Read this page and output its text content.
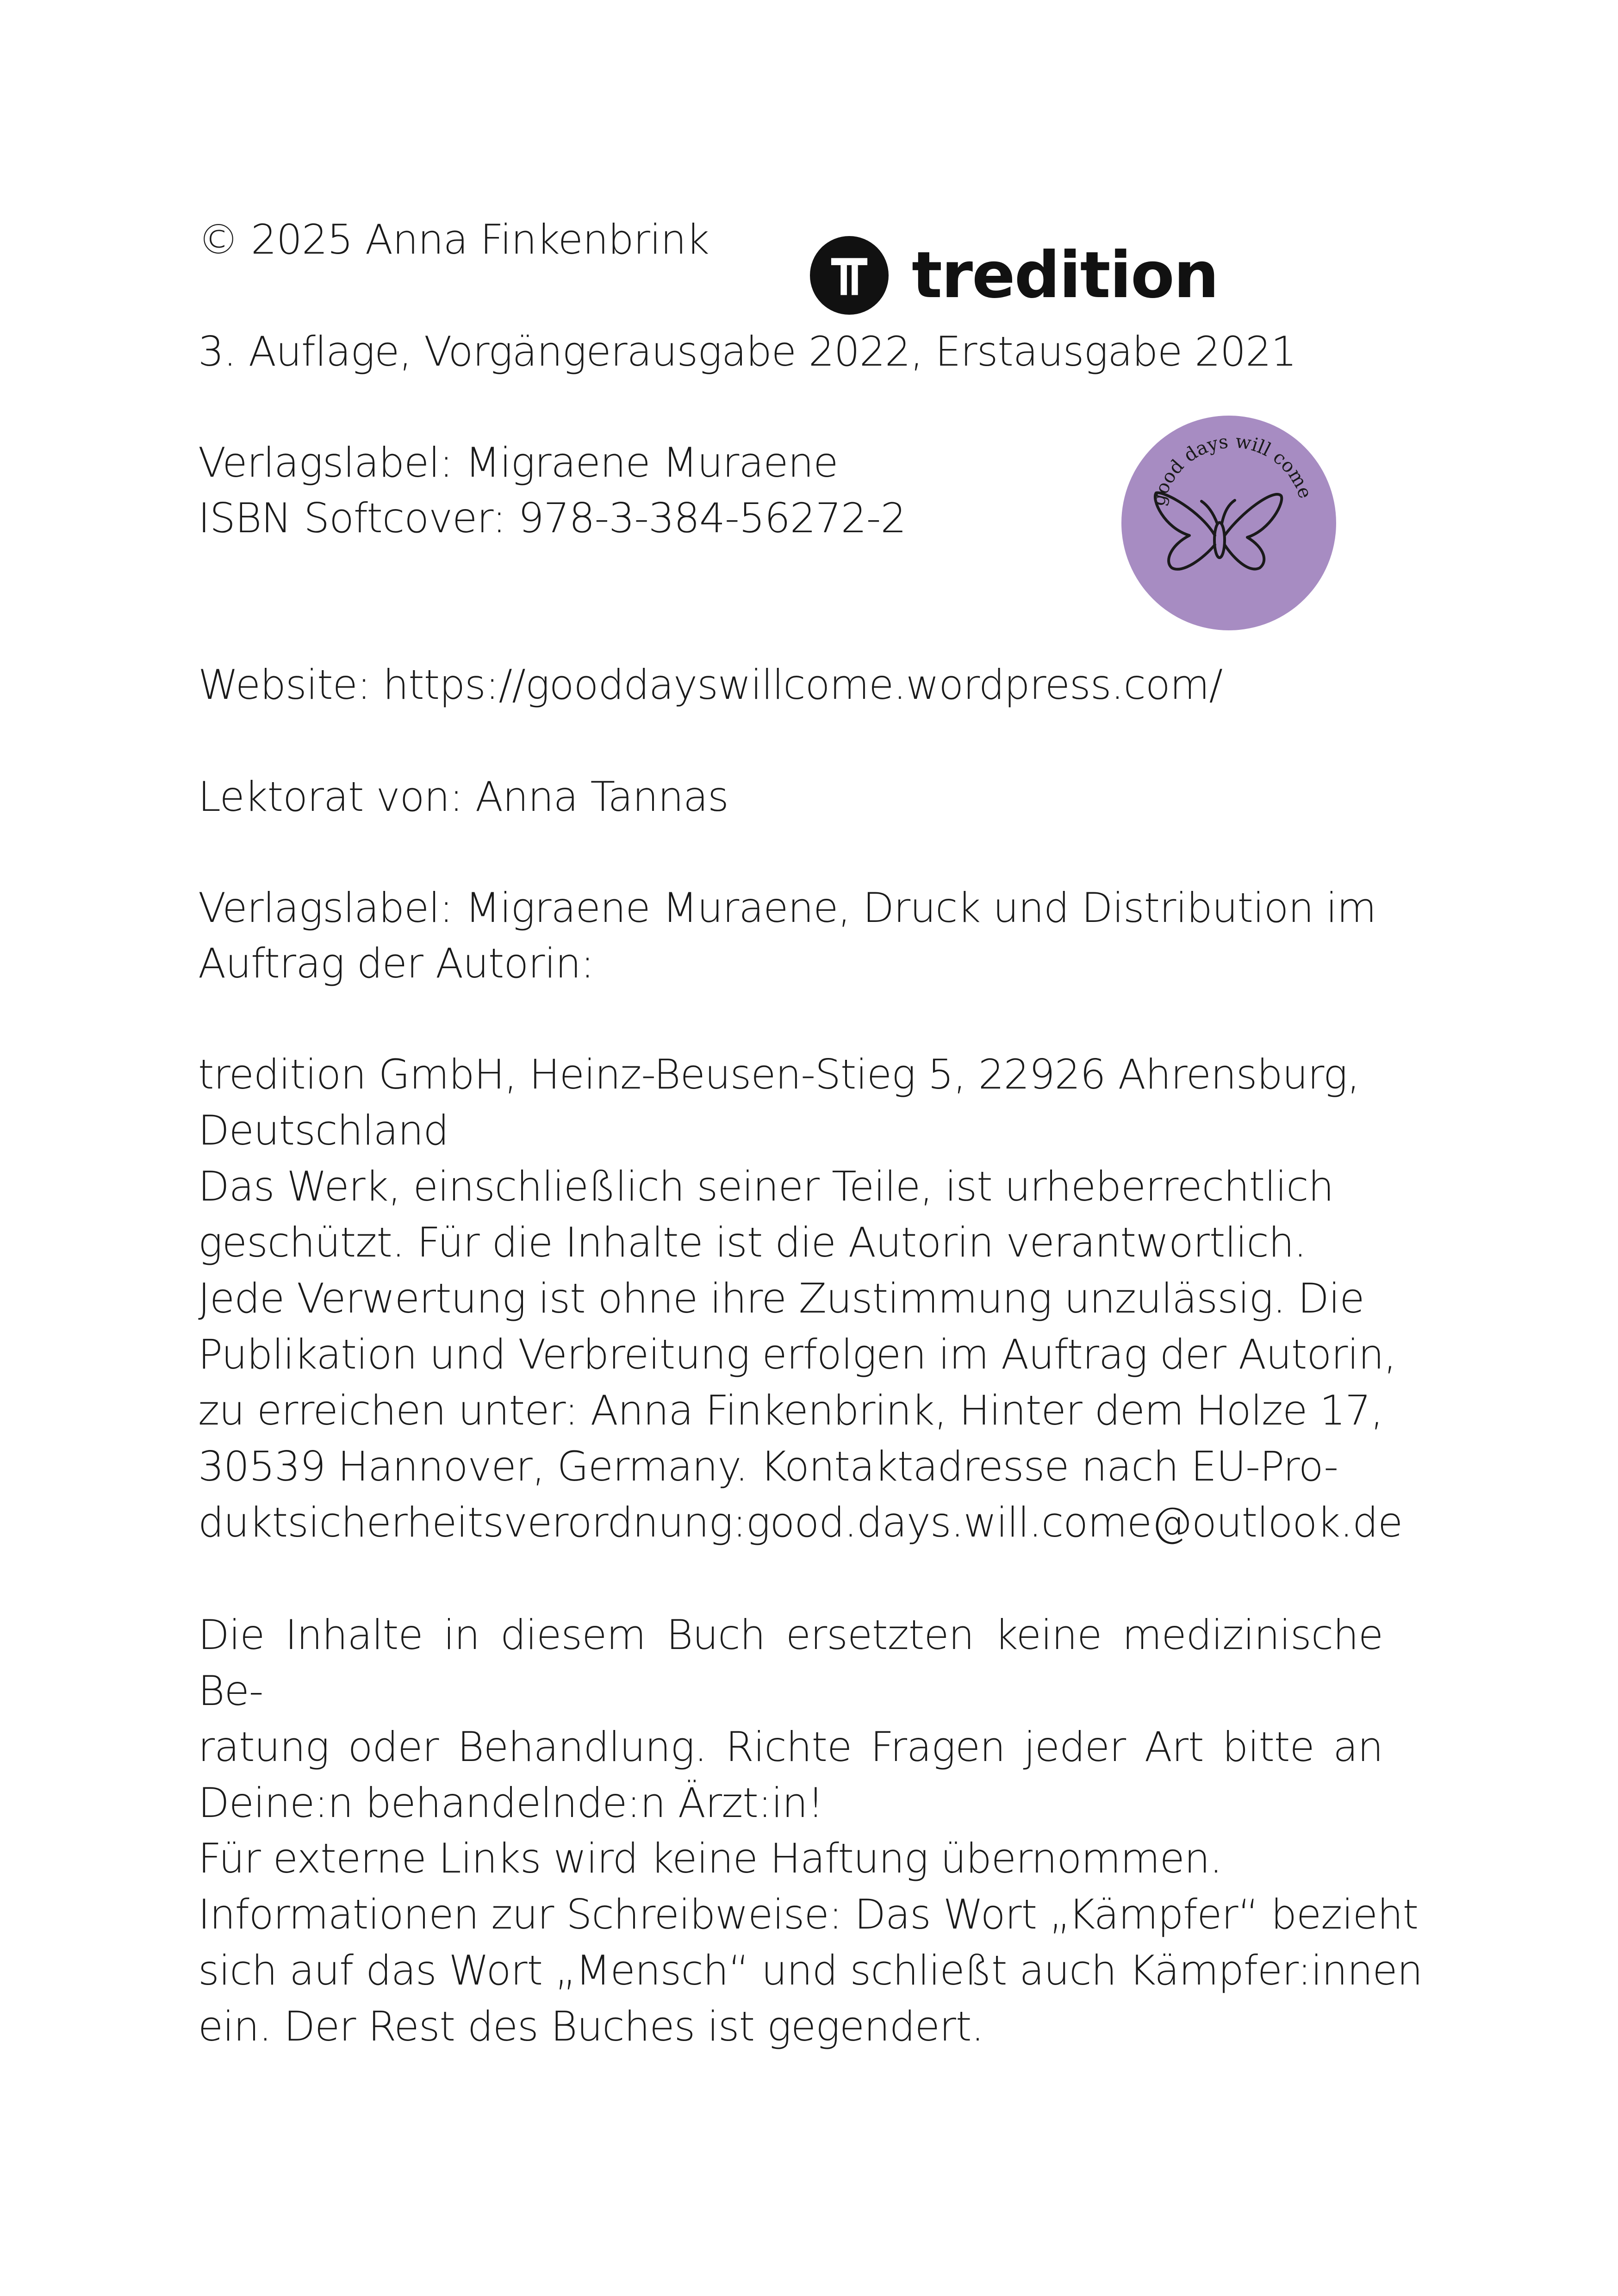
© 2025 Anna Finkenbrink	tredition
3. Auflage, Vorgängerausgabe 2022, Erstausgabe 2021
Verlagslabel: Migraene Muraene
ISBN Softcover: 978-3-384-56272-2	good days will come
Website: https://gooddayswillcome.wordpress.com/
Lektorat von: Anna Tannas
Verlagslabel: Migraene Muraene, Druck und Distribution im
Auftrag der Autorin:
tredition GmbH, Heinz-Beusen-Stieg 5, 22926 Ahrensburg,
Deutschland
Das Werk, einschließlich seiner Teile, ist urheberrechtlich
geschützt. Für die Inhalte ist die Autorin verantwortlich.
Jede Verwertung ist ohne ihre Zustimmung unzulässig. Die
Publikation und Verbreitung erfolgen im Auftrag der Autorin,
zu erreichen unter: Anna Finkenbrink, Hinter dem Holze 17,
30539 Hannover, Germany. Kontaktadresse nach EU-Pro-
duktsicherheitsverordnung:good.days.will.come@outlook.de
Die Inhalte in diesem Buch ersetzten keine medizinische Be-
ratung oder Behandlung. Richte Fragen jeder Art bitte an
Deine:n behandelnde:n Ärzt:in!
Für externe Links wird keine Haftung übernommen.
Informationen zur Schreibweise: Das Wort „Kämpfer“ bezieht
sich auf das Wort „Mensch“ und schließt auch Kämpfer:innen
ein. Der Rest des Buches ist gegendert.
